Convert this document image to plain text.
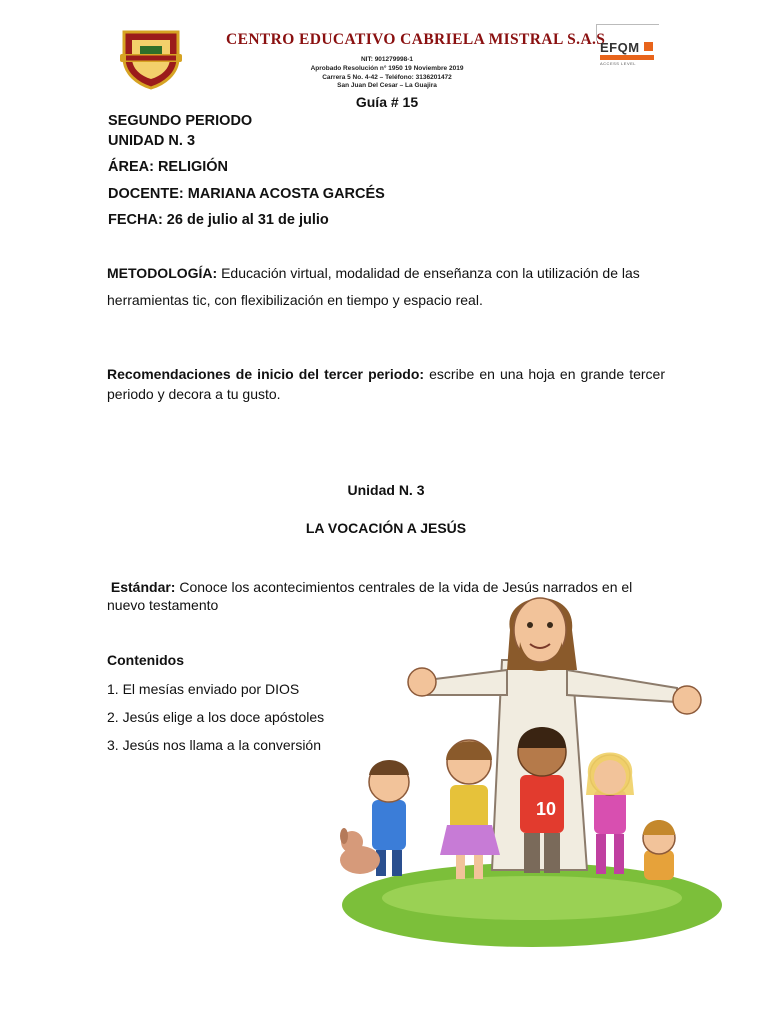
CENTRO EDUCATIVO CABRIELA MISTRAL S.A.S
NIT: 901279998-1
Aprobado Resolución n° 1950 19 Noviembre 2019
Carrera 5 No. 4-42 – Teléfono: 3136201472
San Juan Del Cesar – La Guajira
EFQM
ACCESS LEVEL
Guía # 15
SEGUNDO PERIODO
UNIDAD N. 3
ÁREA: RELIGIÓN
DOCENTE: MARIANA ACOSTA GARCÉS
FECHA: 26 de julio al 31 de julio
METODOLOGÍA: Educación virtual, modalidad de enseñanza con la utilización de las herramientas tic, con flexibilización en tiempo y espacio real.
Recomendaciones de inicio del tercer periodo: escribe en una hoja en grande tercer periodo y decora a tu gusto.
Unidad N. 3
LA VOCACIÓN A JESÚS
Estándar: Conoce los acontecimientos centrales de la vida de Jesús narrados en el nuevo testamento
Contenidos
1. El mesías enviado por DIOS
2. Jesús elige a los doce apóstoles
3. Jesús nos llama a la conversión
10
